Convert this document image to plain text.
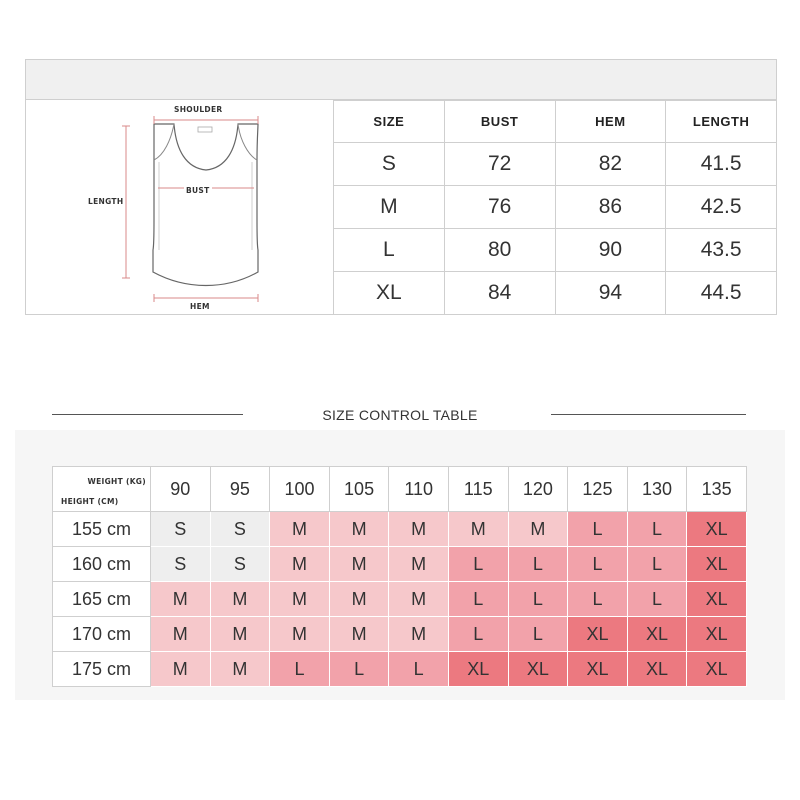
SHOULDER
BUST
LENGTH
HEM
SIZE	BUST	HEM	LENGTH
S	72	82	41.5
M	76	86	42.5
L	80	90	43.5
XL	84	94	44.5
SIZE CONTROL TABLE
WEIGHT (KG)
HEIGHT (CM)	90	95	100	105	110	115	120	125	130	135
155 cm	S	S	M	M	M	M	M	L	L	XL
160 cm	S	S	M	M	M	L	L	L	L	XL
165 cm	M	M	M	M	M	L	L	L	L	XL
170 cm	M	M	M	M	M	L	L	XL	XL	XL
175 cm	M	M	L	L	L	XL	XL	XL	XL	XL
